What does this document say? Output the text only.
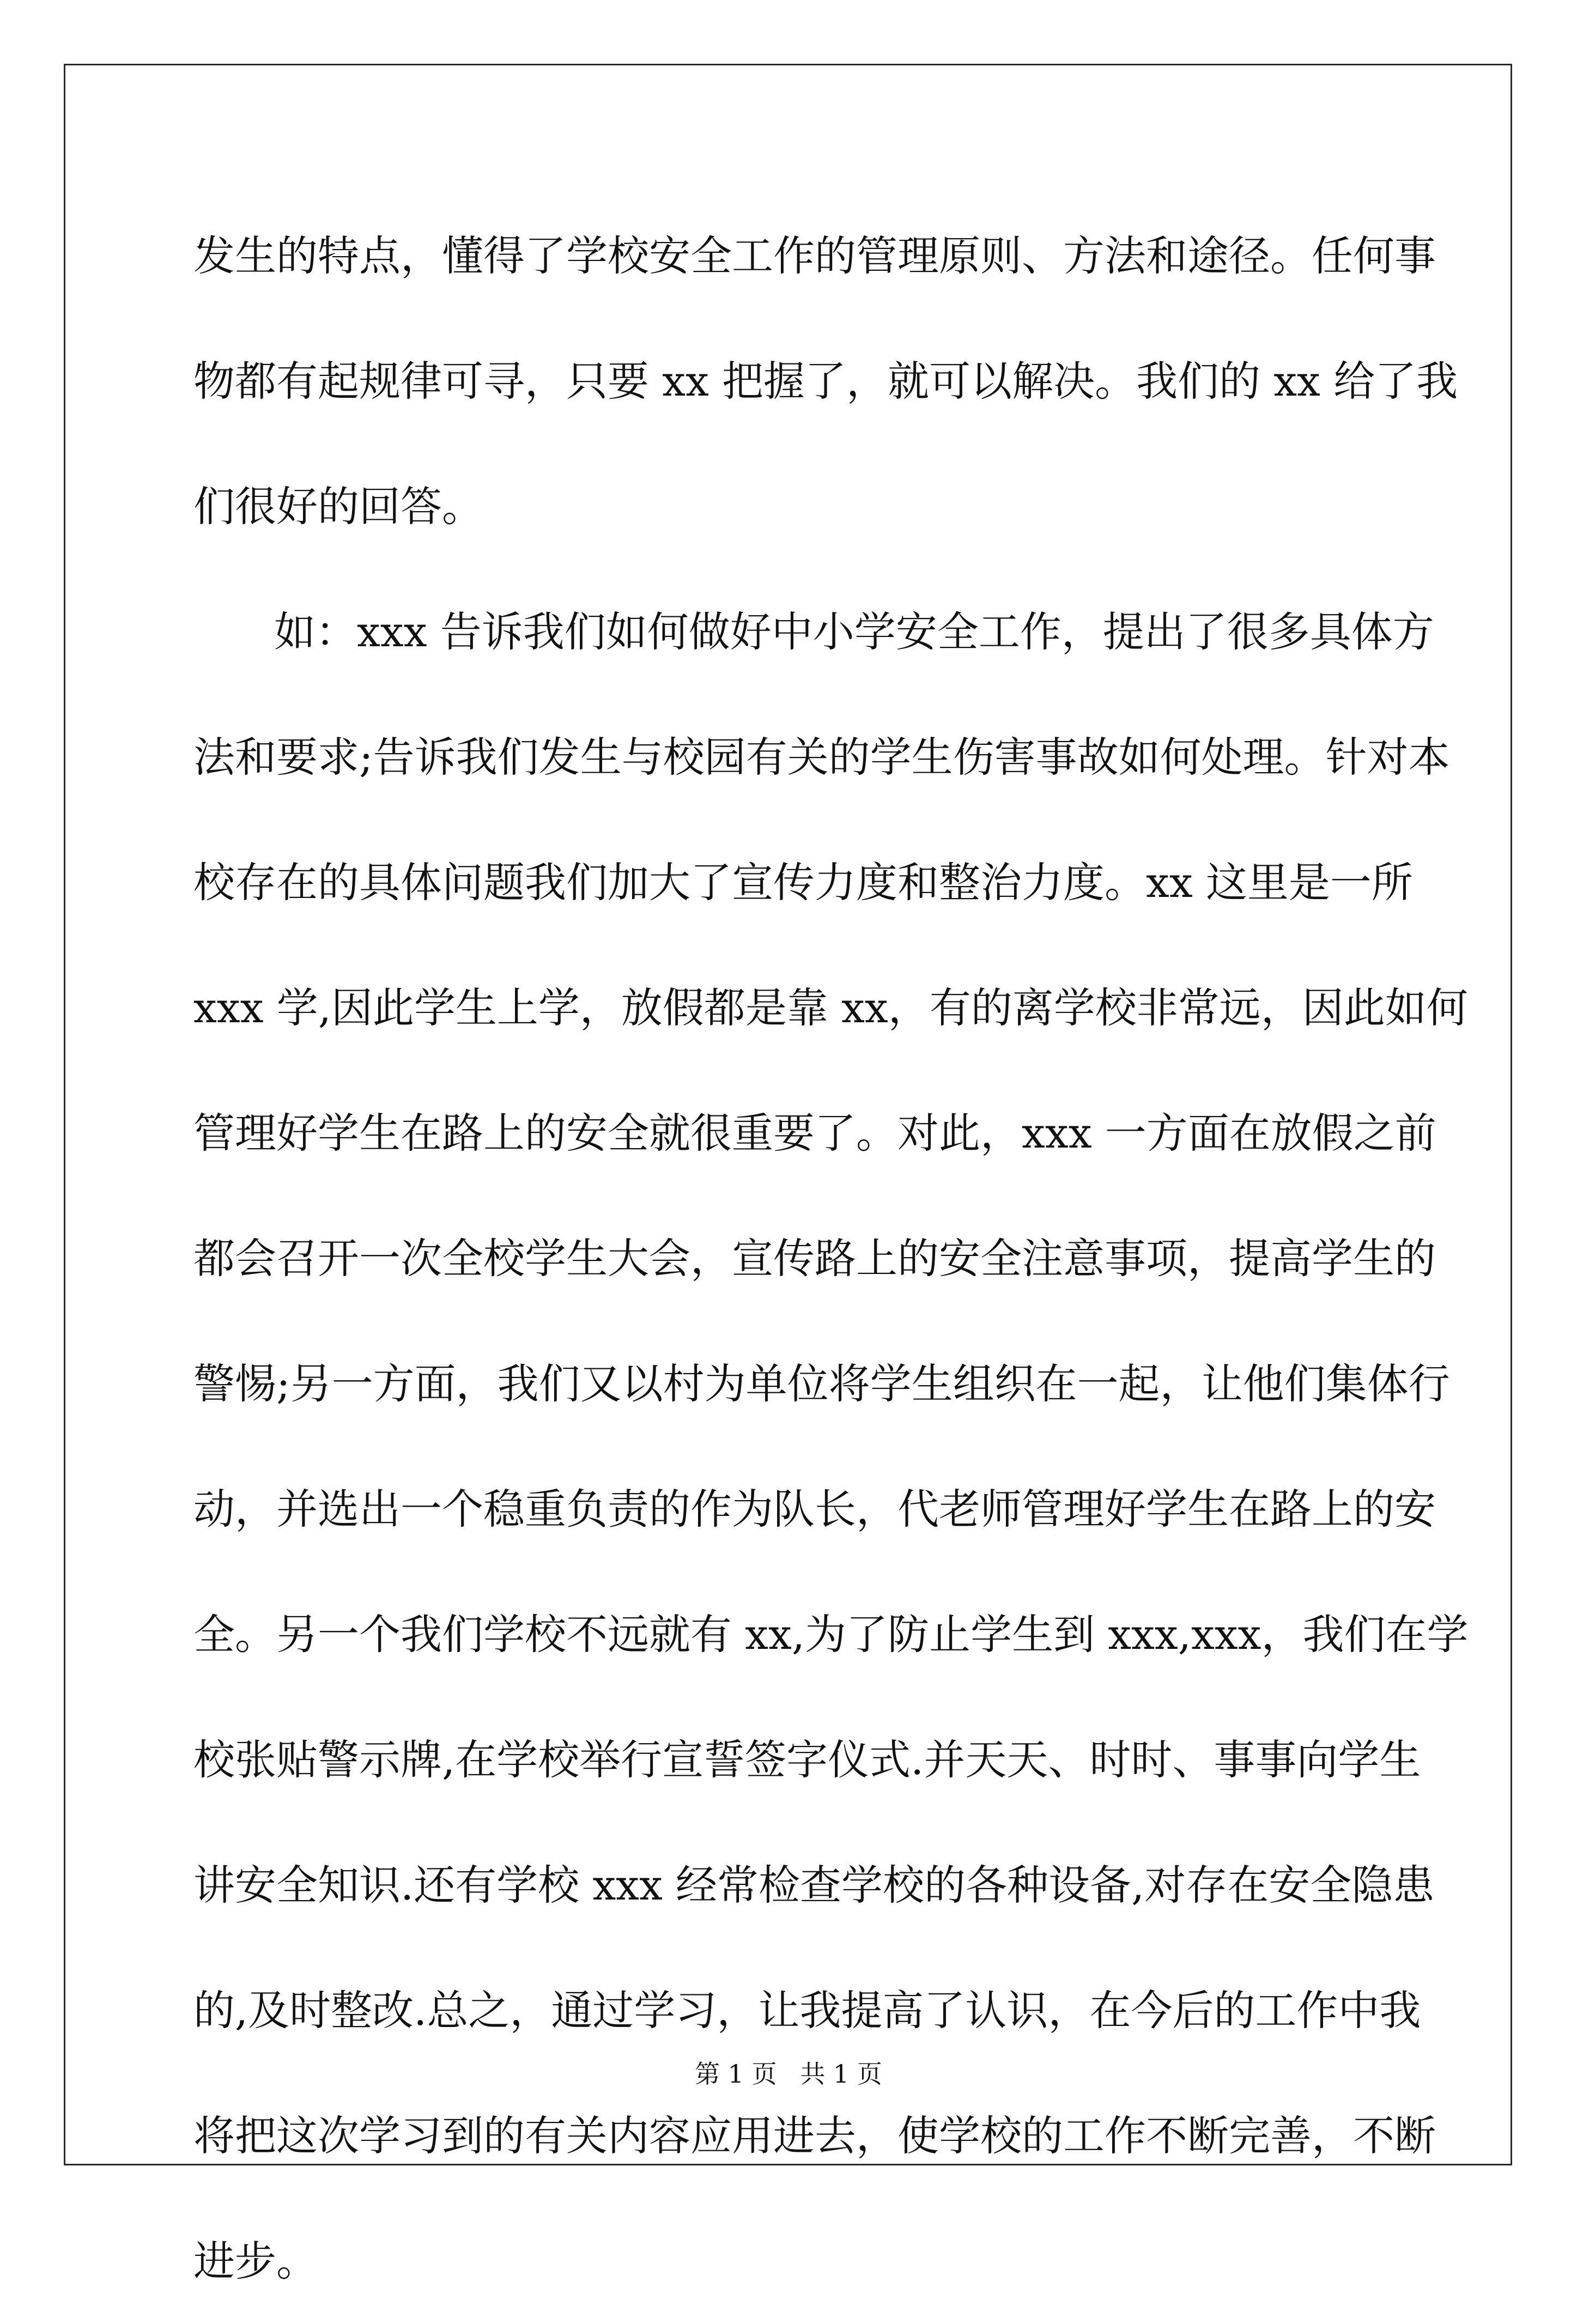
发生的特点，懂得了学校安全工作的管理原则、方法和途径。任何事
物都有起规律可寻，只要 xx 把握了，就可以解决。我们的 xx 给了我
们很好的回答。
如：xxx 告诉我们如何做好中小学安全工作，提出了很多具体方
法和要求;告诉我们发生与校园有关的学生伤害事故如何处理。针对本
校存在的具体问题我们加大了宣传力度和整治力度。xx 这里是一所
xxx 学,因此学生上学，放假都是靠 xx，有的离学校非常远，因此如何
管理好学生在路上的安全就很重要了。对此，xxx 一方面在放假之前
都会召开一次全校学生大会，宣传路上的安全注意事项，提高学生的
警惕;另一方面，我们又以村为单位将学生组织在一起，让他们集体行
动，并选出一个稳重负责的作为队长，代老师管理好学生在路上的安
全。另一个我们学校不远就有 xx,为了防止学生到 xxx,xxx，我们在学
校张贴警示牌,在学校举行宣誓签字仪式.并天天、时时、事事向学生
讲安全知识.还有学校 xxx 经常检查学校的各种设备,对存在安全隐患
的,及时整改.总之，通过学习，让我提高了认识，在今后的工作中我
将把这次学习到的有关内容应用进去，使学校的工作不断完善，不断
进步。
第 1 页 共 1 页
